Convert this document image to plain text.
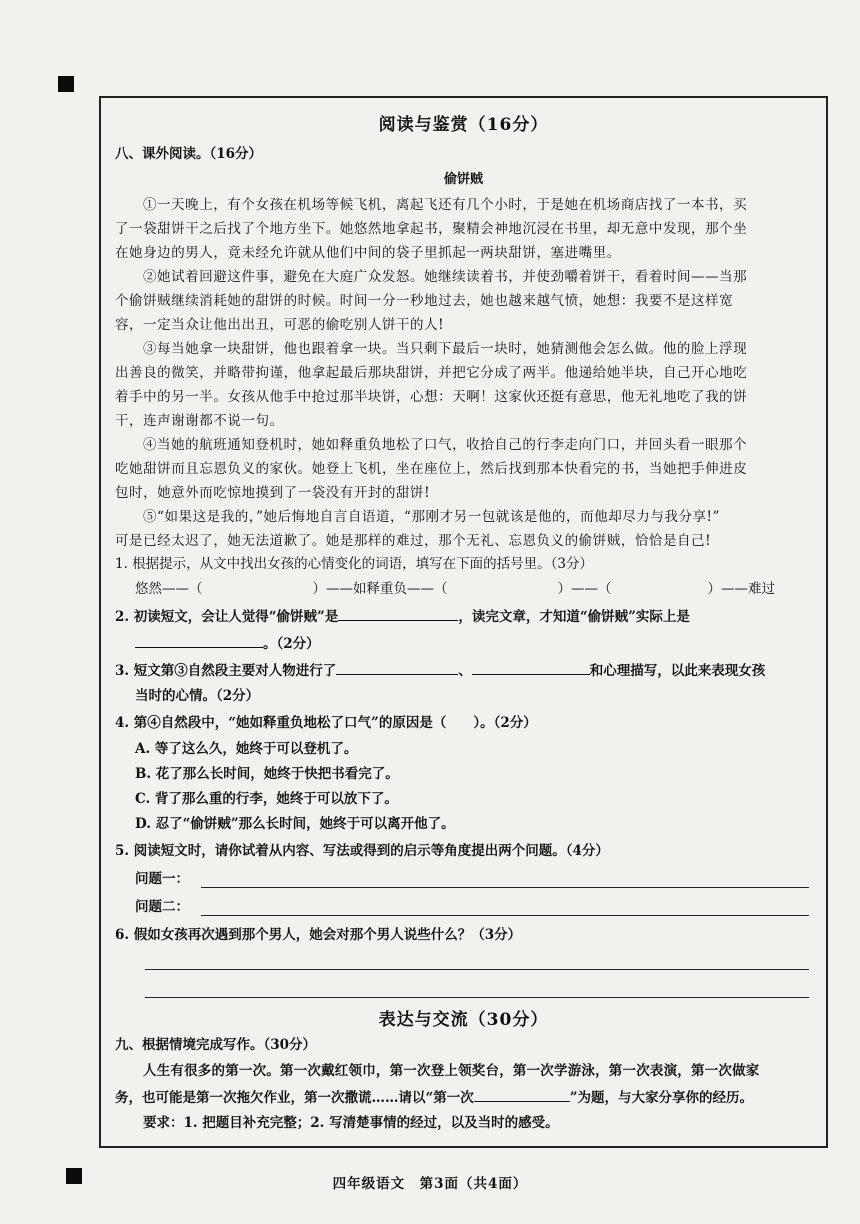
阅读与鉴赏（16分）
八、课外阅读。（16分）
偷饼贼
①一天晚上，有个女孩在机场等候飞机，离起飞还有几个小时，于是她在机场商店找了一本书，买
了一袋甜饼干之后找了个地方坐下。她悠然地拿起书，聚精会神地沉浸在书里，却无意中发现，那个坐
在她身边的男人，竟未经允许就从他们中间的袋子里抓起一两块甜饼，塞进嘴里。
②她试着回避这件事，避免在大庭广众发怒。她继续读着书，并使劲嚼着饼干，看着时间——当那
个偷饼贼继续消耗她的甜饼的时候。时间一分一秒地过去，她也越来越气愤，她想：我要不是这样宽
容，一定当众让他出出丑，可恶的偷吃别人饼干的人!
③每当她拿一块甜饼，他也跟着拿一块。当只剩下最后一块时，她猜测他会怎么做。他的脸上浮现
出善良的微笑，并略带拘谨，他拿起最后那块甜饼，并把它分成了两半。他递给她半块，自己开心地吃
着手中的另一半。女孩从他手中抢过那半块饼，心想：天啊！这家伙还挺有意思，他无礼地吃了我的饼
干，连声谢谢都不说一句。
④当她的航班通知登机时，她如释重负地松了口气，收拾自己的行李走向门口，并回头看一眼那个
吃她甜饼而且忘恩负义的家伙。她登上飞机，坐在座位上，然后找到那本快看完的书，当她把手伸进皮
包时，她意外而吃惊地摸到了一袋没有开封的甜饼!
⑤“如果这是我的，”她后悔地自言自语道，“那刚才另一包就该是他的，而他却尽力与我分享!”
可是已经太迟了，她无法道歉了。她是那样的难过，那个无礼、忘恩负义的偷饼贼，恰恰是自己!
1. 根据提示，从文中找出女孩的心情变化的词语，填写在下面的括号里。（3分）
悠然——（	）——如释重负——（	）——（	）——难过
2. 初读短文，会让人觉得“偷饼贼”是	，读完文章，才知道“偷饼贼”实际上是
。（2分）
3. 短文第③自然段主要对人物进行了	、	和心理描写，以此来表现女孩
当时的心情。（2分）
4. 第④自然段中，“她如释重负地松了口气”的原因是（　　）。（2分）
A. 等了这么久，她终于可以登机了。
B. 花了那么长时间，她终于快把书看完了。
C. 背了那么重的行李，她终于可以放下了。
D. 忍了“偷饼贼”那么长时间，她终于可以离开他了。
5. 阅读短文时，请你试着从内容、写法或得到的启示等角度提出两个问题。（4分）
问题一：
问题二：
6. 假如女孩再次遇到那个男人，她会对那个男人说些什么？（3分）
表达与交流（30分）
九、根据情境完成写作。（30分）
人生有很多的第一次。第一次戴红领巾，第一次登上领奖台，第一次学游泳，第一次表演，第一次做家
务，也可能是第一次拖欠作业，第一次撒谎……请以“第一次	”为题，与大家分享你的经历。
要求：1. 把题目补充完整；2. 写清楚事情的经过，以及当时的感受。
四年级语文　第3面（共4面）
